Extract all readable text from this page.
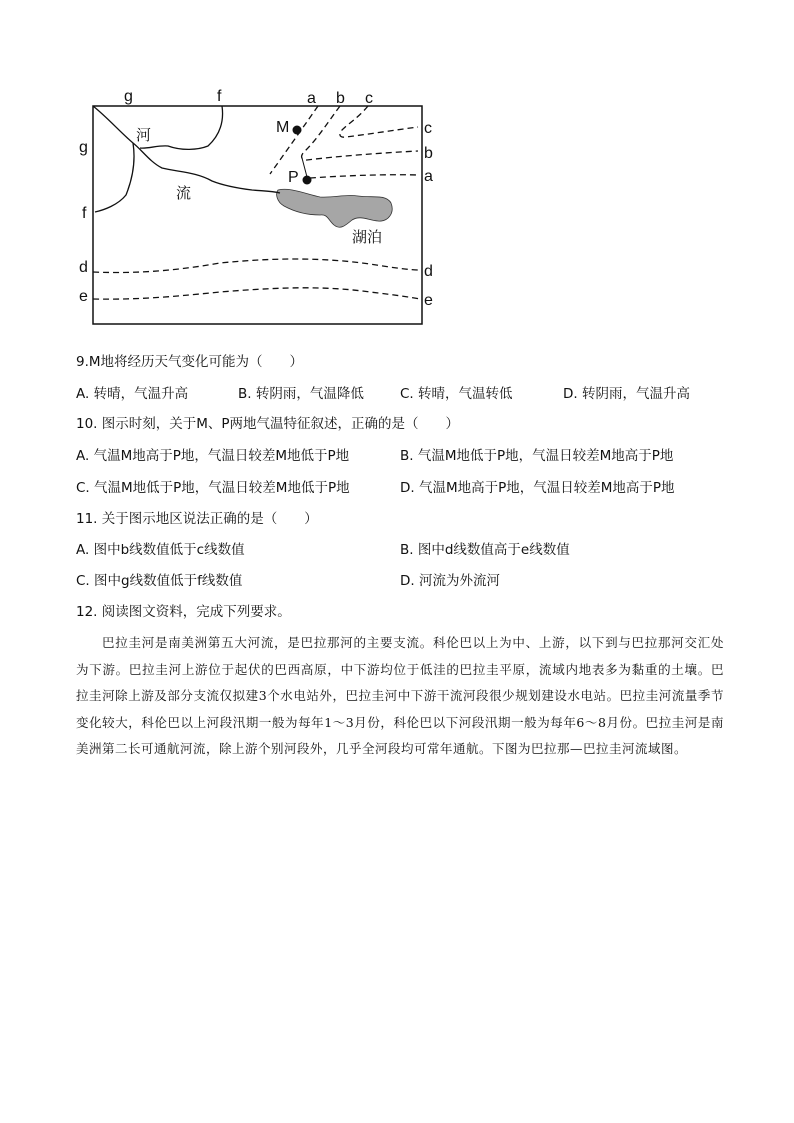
g	f	a b c
g
f
d
e
c
b
a
d
e
M
P
河
流
湖泊
9.M地将经历天气变化可能为（　　）
A. 转晴，气温升高	B. 转阴雨，气温降低	C. 转晴，气温转低	D. 转阴雨，气温升高
10. 图示时刻，关于M、P两地气温特征叙述，正确的是（　　）
A. 气温M地高于P地，气温日较差M地低于P地	B. 气温M地低于P地，气温日较差M地高于P地
C. 气温M地低于P地，气温日较差M地低于P地	D. 气温M地高于P地，气温日较差M地高于P地
11. 关于图示地区说法正确的是（　　）
A. 图中b线数值低于c线数值	B. 图中d线数值高于e线数值
C. 图中g线数值低于f线数值	D. 河流为外流河
12. 阅读图文资料，完成下列要求。
巴拉圭河是南美洲第五大河流，是巴拉那河的主要支流。科伦巴以上为中、上游，以下到与巴拉那河交汇处为下游。巴拉圭河上游位于起伏的巴西高原，中下游均位于低洼的巴拉圭平原，流域内地表多为黏重的土壤。巴拉圭河除上游及部分支流仅拟建3个水电站外，巴拉圭河中下游干流河段很少规划建设水电站。巴拉圭河流量季节变化较大，科伦巴以上河段汛期一般为每年1～3月份，科伦巴以下河段汛期一般为每年6～8月份。巴拉圭河是南美洲第二长可通航河流，除上游个别河段外，几乎全河段均可常年通航。下图为巴拉那—巴拉圭河流域图。
